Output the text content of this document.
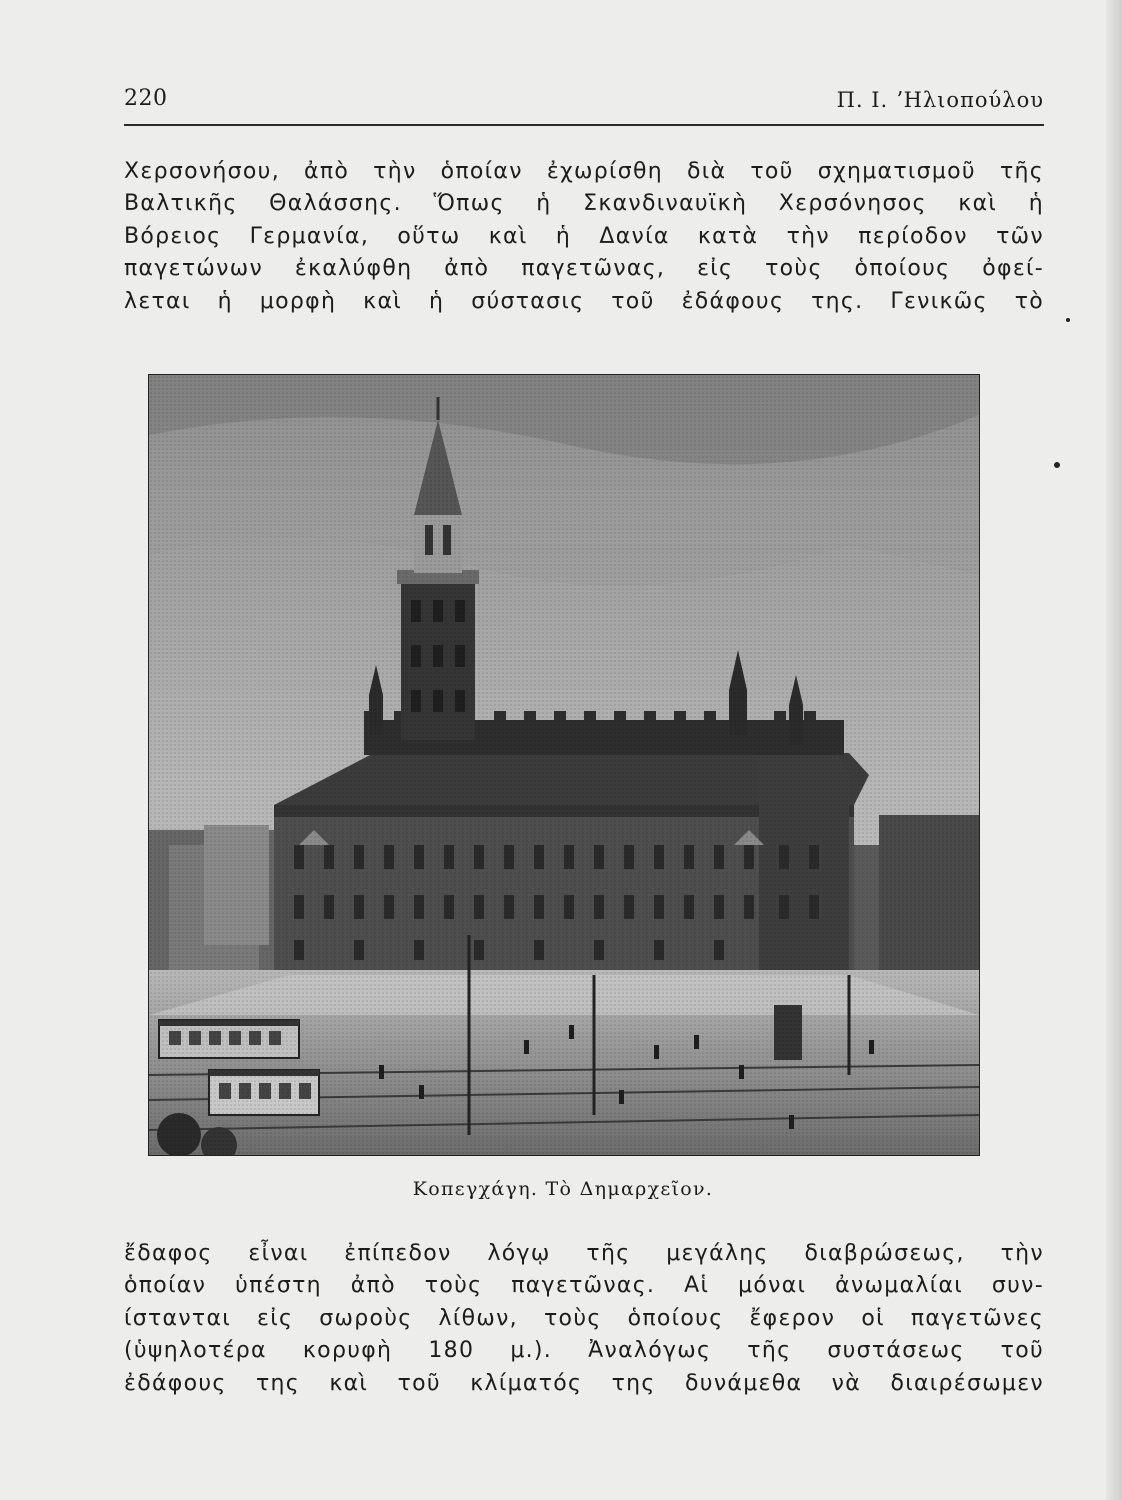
220	Π. Ι. ʼΗλιοπούλου

Χερσονήσου, ἀπὸ τὴν ὁποίαν ἐχωρίσθη διὰ τοῦ σχηματισμοῦ τῆς
Βαλτικῆς Θαλάσσης. Ὅπως ἡ Σκανδιναυϊκὴ Χερσόνησος καὶ ἡ
Βόρειος Γερμανία, οὕτω καὶ ἡ Δανία κατὰ τὴν περίοδον τῶν
παγετώνων ἐκαλύφθη ἀπὸ παγετῶνας, εἰς τοὺς ὁποίους ὀφεί-
λεται ἡ μορφὴ καὶ ἡ σύστασις τοῦ ἐδάφους της. Γενικῶς τὸ

Κοπεγχάγη. Τὸ Δημαρχεῖον.

ἔδαφος εἶναι ἐπίπεδον λόγῳ τῆς μεγάλης διαβρώσεως, τὴν
ὁποίαν ὑπέστη ἀπὸ τοὺς παγετῶνας. Αἱ μόναι ἀνωμαλίαι συν-
ίστανται εἰς σωροὺς λίθων, τοὺς ὁποίους ἔφερον οἱ παγετῶνες
(ὑψηλοτέρα κορυφὴ 180 μ.). Ἀναλόγως τῆς συστάσεως τοῦ
ἐδάφους της καὶ τοῦ κλίματός της δυνάμεθα νὰ διαιρέσωμεν
